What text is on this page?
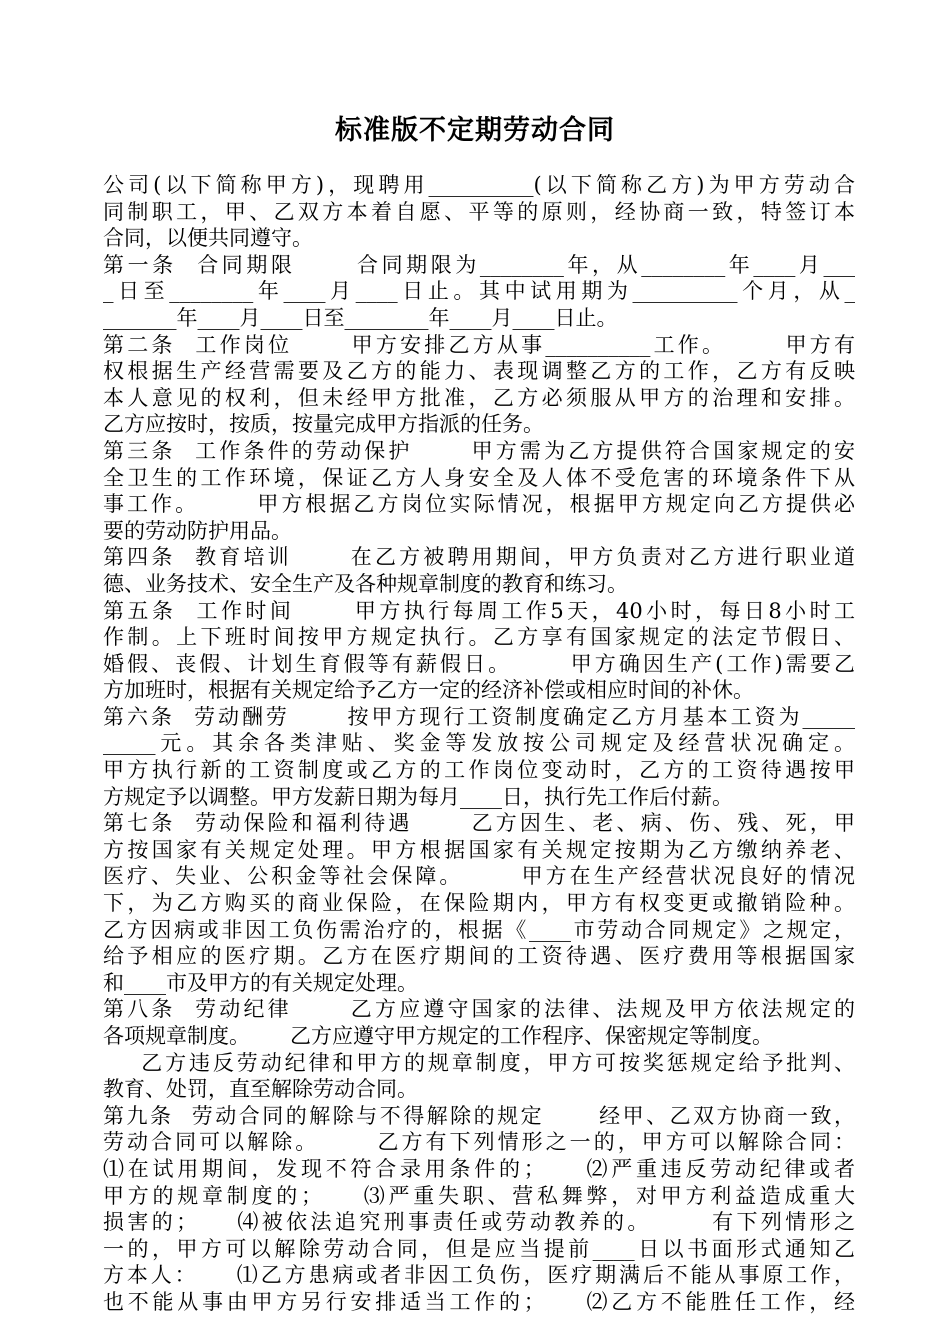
标准版不定期劳动合同
公司(以下简称甲方)，现聘用__________(以下简称乙方)为甲方劳动合
同制职工，甲、乙双方本着自愿、平等的原则，经协商一致，特签订本
合同，以便共同遵守。
第一条  合同期限      合同期限为________年，从________年____月___
_日至________年____月____日止。其中试用期为__________个月，从_
_______年____月____日至________年____月____日止。
第二条  工作岗位      甲方安排乙方从事__________工作。      甲方有
权根据生产经营需要及乙方的能力、表现调整乙方的工作，乙方有反映
本人意见的权利，但未经甲方批准，乙方必须服从甲方的治理和安排。
乙方应按时，按质，按量完成甲方指派的任务。
第三条  工作条件的劳动保护      甲方需为乙方提供符合国家规定的安
全卫生的工作环境，保证乙方人身安全及人体不受危害的环境条件下从
事工作。      甲方根据乙方岗位实际情况，根据甲方规定向乙方提供必
要的劳动防护用品。
第四条  教育培训      在乙方被聘用期间，甲方负责对乙方进行职业道
德、业务技术、安全生产及各种规章制度的教育和练习。
第五条  工作时间      甲方执行每周工作5天，40小时，每日8小时工
作制。上下班时间按甲方规定执行。乙方享有国家规定的法定节假日、
婚假、丧假、计划生育假等有薪假日。      甲方确因生产(工作)需要乙
方加班时，根据有关规定给予乙方一定的经济补偿或相应时间的补休。
第六条  劳动酬劳      按甲方现行工资制度确定乙方月基本工资为_____
_____元。其余各类津贴、奖金等发放按公司规定及经营状况确定。
甲方执行新的工资制度或乙方的工作岗位变动时，乙方的工资待遇按甲
方规定予以调整。甲方发薪日期为每月____日，执行先工作后付薪。
第七条  劳动保险和福利待遇      乙方因生、老、病、伤、残、死，甲
方按国家有关规定处理。甲方根据国家有关规定按期为乙方缴纳养老、
医疗、失业、公积金等社会保障。      甲方在生产经营状况良好的情况
下，为乙方购买的商业保险，在保险期内，甲方有权变更或撤销险种。
乙方因病或非因工负伤需治疗的，根据《____市劳动合同规定》之规定，
给予相应的医疗期。乙方在医疗期间的工资待遇、医疗费用等根据国家
和____市及甲方的有关规定处理。
第八条  劳动纪律      乙方应遵守国家的法律、法规及甲方依法规定的
各项规章制度。      乙方应遵守甲方规定的工作程序、保密规定等制度。
乙方违反劳动纪律和甲方的规章制度，甲方可按奖惩规定给予批判、
教育、处罚，直至解除劳动合同。
第九条  劳动合同的解除与不得解除的规定      经甲、乙双方协商一致，
劳动合同可以解除。      乙方有下列情形之一的，甲方可以解除合同：
⑴在试用期间，发现不符合录用条件的；    ⑵严重违反劳动纪律或者
甲方的规章制度的；    ⑶严重失职、营私舞弊，对甲方利益造成重大
损害的；    ⑷被依法追究刑事责任或劳动教养的。      有下列情形之
一的，甲方可以解除劳动合同，但是应当提前____日以书面形式通知乙
方本人：    ⑴乙方患病或者非因工负伤，医疗期满后不能从事原工作，
也不能从事由甲方另行安排适当工作的；    ⑵乙方不能胜任工作，经
